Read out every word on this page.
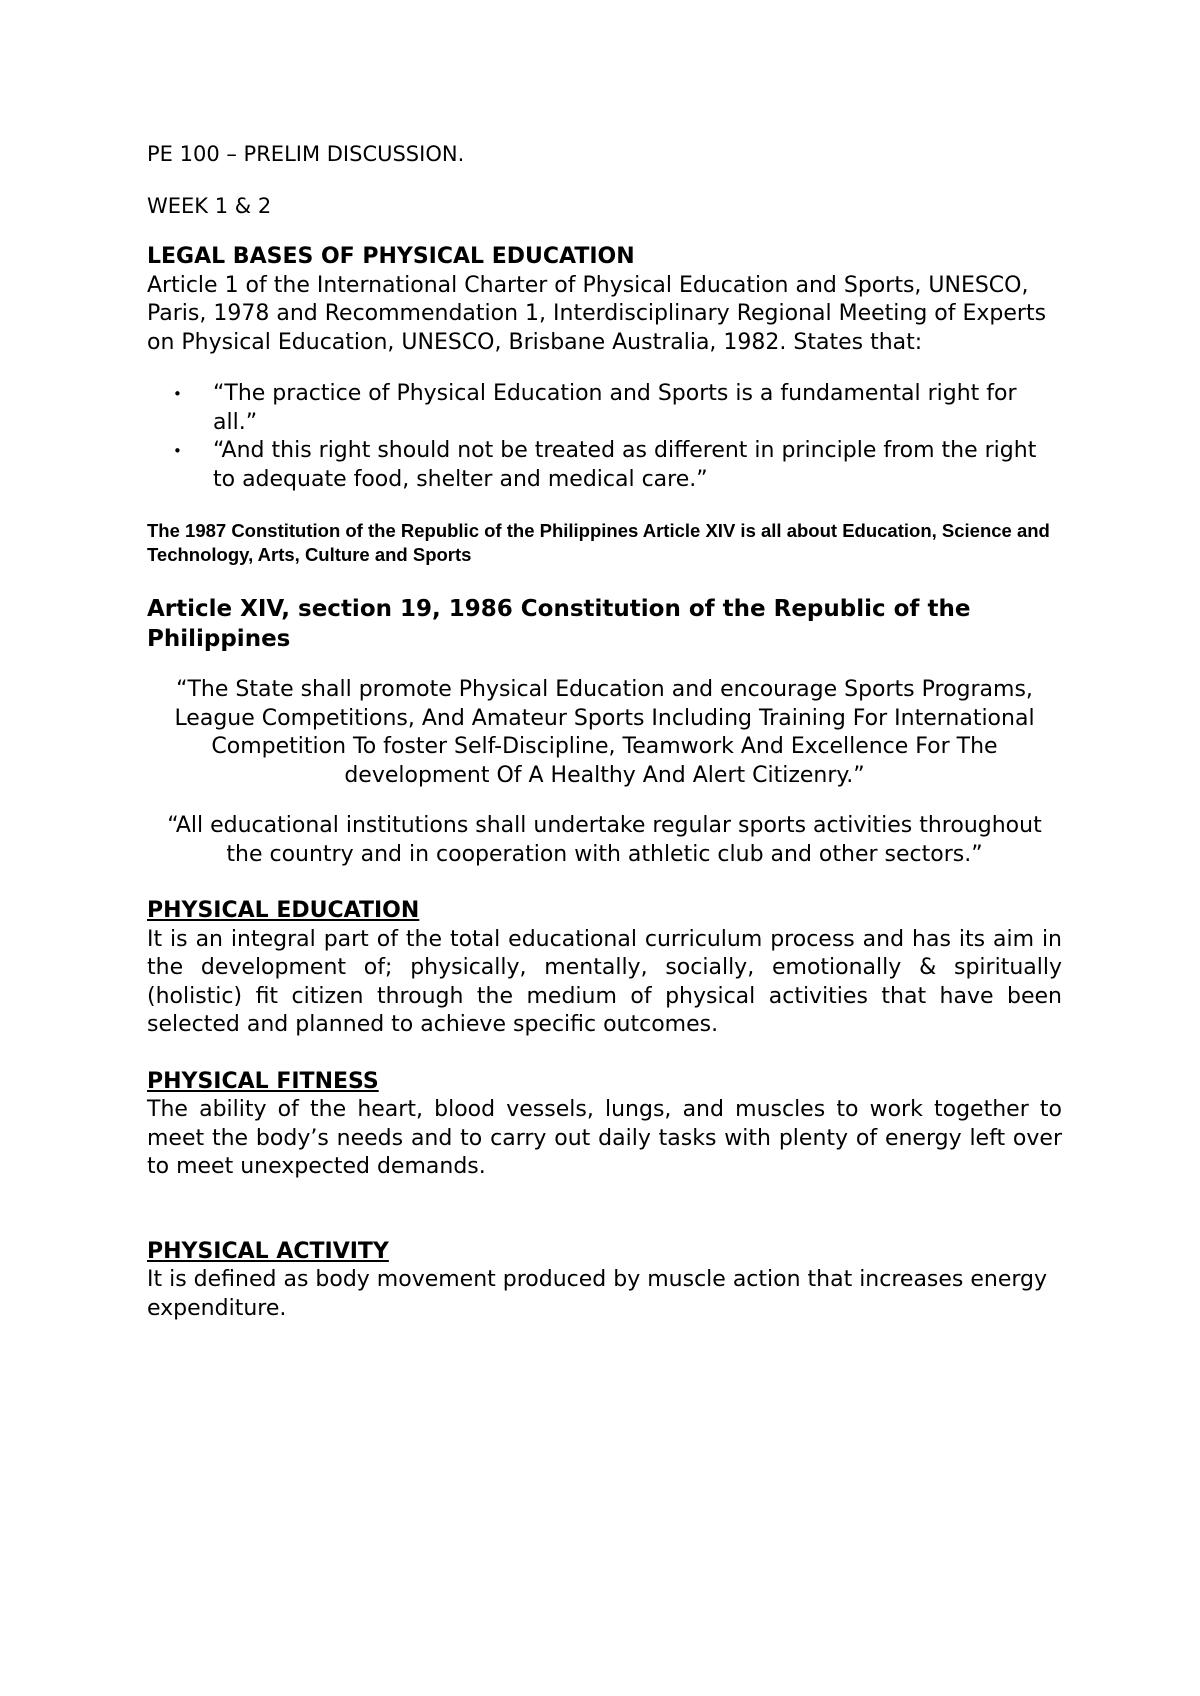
PE 100 – PRELIM DISCUSSION.
WEEK 1 & 2

LEGAL BASES OF PHYSICAL EDUCATION

Article 1 of the International Charter of Physical Education and Sports, UNESCO, Paris, 1978 and Recommendation 1, Interdisciplinary Regional Meeting of Experts on Physical Education, UNESCO, Brisbane Australia, 1982. States that:

• “The practice of Physical Education and Sports is a fundamental right for all.”
• “And this right should not be treated as different in principle from the right to adequate food, shelter and medical care.”

The 1987 Constitution of the Republic of the Philippines Article XIV is all about Education, Science and Technology, Arts, Culture and Sports

Article XIV, section 19, 1986 Constitution of the Republic of the Philippines

“The State shall promote Physical Education and encourage Sports Programs, League Competitions, And Amateur Sports Including Training For International Competition To foster Self-Discipline, Teamwork And Excellence For The development Of A Healthy And Alert Citizenry.”

“All educational institutions shall undertake regular sports activities throughout
the country and in cooperation with athletic club and other sectors.”

PHYSICAL EDUCATION

It is an integral part of the total educational curriculum process and has its aim in the development of; physically, mentally, socially, emotionally & spiritually (holistic) fit citizen through the medium of physical activities that have been selected and planned to achieve specific outcomes.

PHYSICAL FITNESS

The ability of the heart, blood vessels, lungs, and muscles to work together to meet the body’s needs and to carry out daily tasks with plenty of energy left over to meet unexpected demands.

PHYSICAL ACTIVITY

It is defined as body movement produced by muscle action that increases energy expenditure.
